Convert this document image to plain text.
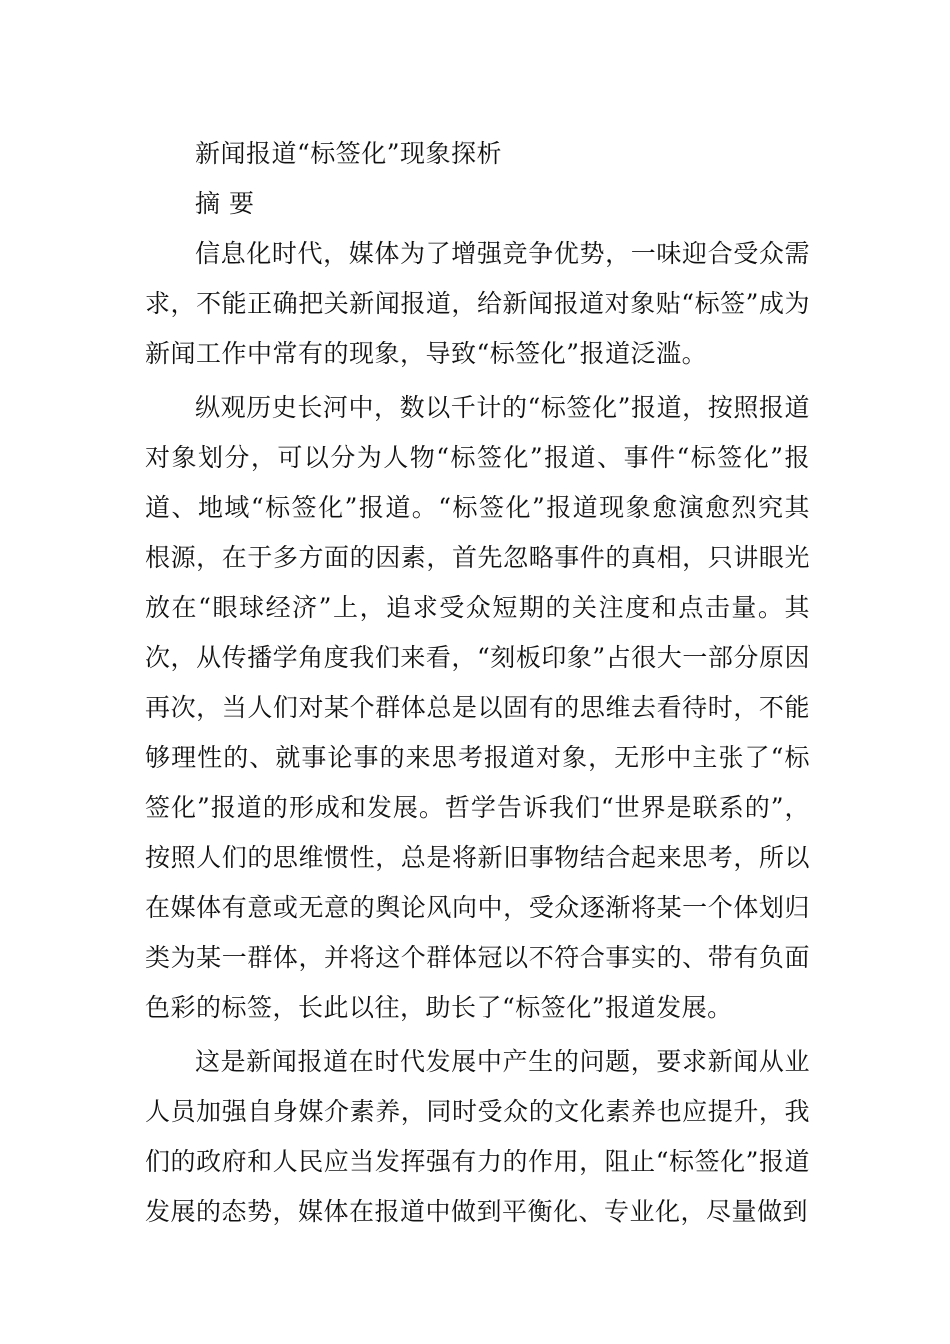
新闻报道“标签化”现象探析
摘 要

信息化时代，媒体为了增强竞争优势，一味迎合受众需求，不能正确把关新闻报道，给新闻报道对象贴“标签”成为新闻工作中常有的现象，导致“标签化”报道泛滥。

纵观历史长河中，数以千计的“标签化”报道，按照报道对象划分，可以分为人物“标签化”报道、事件“标签化”报道、地域“标签化”报道。“标签化”报道现象愈演愈烈究其根源，在于多方面的因素，首先忽略事件的真相，只讲眼光放在“眼球经济”上，追求受众短期的关注度和点击量。其次，从传播学角度我们来看，“刻板印象”占很大一部分原因再次，当人们对某个群体总是以固有的思维去看待时，不能够理性的、就事论事的来思考报道对象，无形中主张了“标签化”报道的形成和发展。哲学告诉我们“世界是联系的”，按照人们的思维惯性，总是将新旧事物结合起来思考，所以在媒体有意或无意的舆论风向中，受众逐渐将某一个体划归类为某一群体，并将这个群体冠以不符合事实的、带有负面色彩的标签，长此以往，助长了“标签化”报道发展。

这是新闻报道在时代发展中产生的问题，要求新闻从业人员加强自身媒介素养，同时受众的文化素养也应提升，我们的政府和人民应当发挥强有力的作用，阻止“标签化”报道发展的态势，媒体在报道中做到平衡化、专业化，尽量做到
